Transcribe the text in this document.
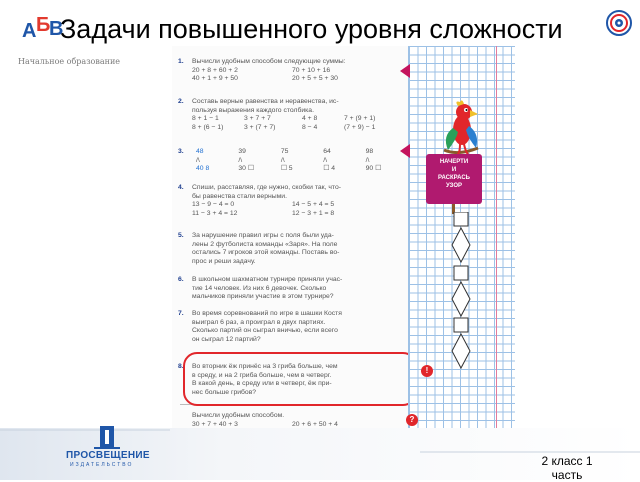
А Б
В
Задачи повышенного уровня сложности
Начальное образование	1.	Вычисли удобным способом следующие суммы:
20 + 8 + 60 + 2	70 + 10 + 16
40 + 1 + 9 + 50	20 + 5 + 5 + 30
2.	Составь верные равенства и неравенства, ис-
пользуя выражения каждого столбика.
8 + 1 − 1	3 + 7 + 7	4 + 8	7 + (9 + 1)
8 + (6 − 1)	3 + (7 + 7)	8 − 4	(7 + 9) − 1
3.	48	39	75	64	98
/\	/\	/\	/\	/\
40 8	30 ☐	☐ 5	☐ 4	90 ☐
4.	Спиши, расставляя, где нужно, скобки так, что-
бы равенства стали верными.
13 − 9 − 4 = 0	14 − 5 + 4 = 5
11 − 3 + 4 = 12	12 − 3 + 1 = 8
5.	За нарушение правил игры с поля были уда-
лены 2 футболиста команды «Заря». На поле
остались 7 игроков этой команды. Поставь во-
прос и реши задачу.
6.	В школьном шахматном турнире приняли учас-
тие 14 человек. Из них 6 девочек. Сколько
мальчиков приняли участие в этом турнире?
7.	Во время соревнований по игре в шашки Костя
выиграл 6 раз, а проиграл в двух партиях.
Сколько партий он сыграл вничью, если всего
он сыграл 12 партий?
8.	Во вторник ёж принёс на 3 гриба больше, чем
в среду, и на 2 гриба больше, чем в четверг.
В какой день, в среду или в четверг, ёж при-
нес больше грибов?
Вычисли удобным способом.
30 + 7 + 40 + 3	20 + 6 + 50 + 4
!
?
НАЧЕРТИ
И
РАСКРАСЬ
УЗОР
ПРОСВЕЩЕНИЕ
ИЗДАТЕЛЬСТВО	2 класс 1 часть
